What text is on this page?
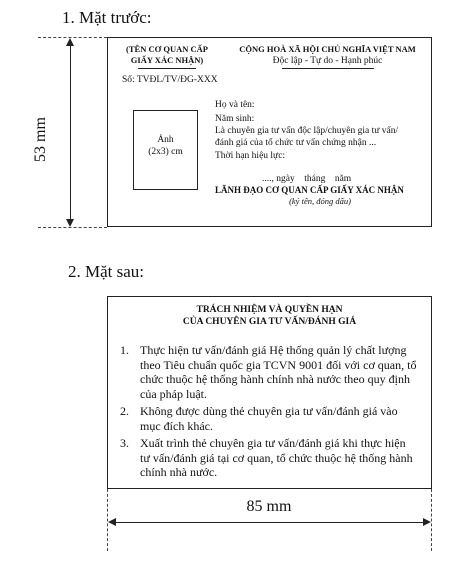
1. Mặt trước:
53 mm
(TÊN CƠ QUAN CẤP
GIẤY XÁC NHẬN)
CỘNG HOÀ XÃ HỘI CHỦ NGHĨA VIỆT NAM
Độc lập - Tự do - Hạnh phúc
Số: TVĐL/TV/ĐG-XXX
Ảnh
(2x3) cm
Họ và tên:
Năm sinh:
Là chuyên gia tư vấn độc lập/chuyên gia tư vấn/
đánh giá của tổ chức tư vấn chứng nhận ...
Thời hạn hiệu lực:
...., ngày    tháng    năm
LÃNH ĐẠO CƠ QUAN CẤP GIẤY XÁC NHẬN
(ký tên, đóng dấu)
2. Mặt sau:
TRÁCH NHIỆM VÀ QUYỀN HẠN
CỦA CHUYÊN GIA TƯ VẤN/ĐÁNH GIÁ
1. Thực hiện tư vấn/đánh giá Hệ thống quản lý chất lượng
theo Tiêu chuẩn quốc gia TCVN 9001 đối với cơ quan, tổ
chức thuộc hệ thống hành chính nhà nước theo quy định
của pháp luật.
2. Không được dùng thẻ chuyên gia tư vấn/đánh giá vào
mục đích khác.
3. Xuất trình thẻ chuyên gia tư vấn/đánh giá khi thực hiện
tư vấn/đánh giá tại cơ quan, tổ chức thuộc hệ thống hành
chính nhà nước.
85 mm
